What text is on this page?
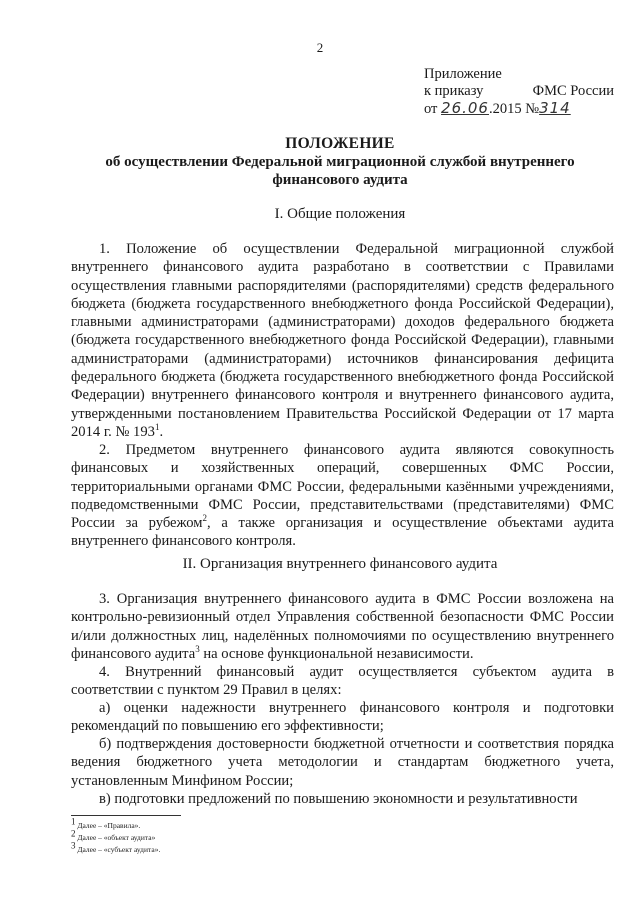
2
Приложение
к приказу	ФМС России
от 26.06.2015 №314
ПОЛОЖЕНИЕ
об осуществлении Федеральной миграционной службой внутреннего финансового аудита
I. Общие положения
1. Положение об осуществлении Федеральной миграционной службой внутреннего финансового аудита разработано в соответствии с Правилами осуществления главными распорядителями (распорядителями) средств федерального бюджета (бюджета государственного внебюджетного фонда Российской Федерации), главными администраторами (администраторами) доходов федерального бюджета (бюджета государственного внебюджетного фонда Российской Федерации), главными администраторами (администраторами) источников финансирования дефицита федерального бюджета (бюджета государственного внебюджетного фонда Российской Федерации) внутреннего финансового контроля и внутреннего финансового аудита, утвержденными постановлением Правительства Российской Федерации от 17 марта 2014 г. № $193^1$.
2. Предметом внутреннего финансового аудита являются совокупность финансовых и хозяйственных операций, совершенных ФМС России, территориальными органами ФМС России, федеральными казёнными учреждениями, подведомственными ФМС России, представительствами (представителями) ФМС России за рубежом$^2$, а также организация и осуществление объектами аудита внутреннего финансового контроля.
II. Организация внутреннего финансового аудита
3. Организация внутреннего финансового аудита в ФМС России возложена на контрольно-ревизионный отдел Управления собственной безопасности ФМС России и/или должностных лиц, наделённых полномочиями по осуществлению внутреннего финансового аудита$^3$ на основе функциональной независимости.
4. Внутренний финансовый аудит осуществляется субъектом аудита в соответствии с пунктом 29 Правил в целях:
а) оценки надежности внутреннего финансового контроля и подготовки рекомендаций по повышению его эффективности;
б) подтверждения достоверности бюджетной отчетности и соответствия порядка ведения бюджетного учета методологии и стандартам бюджетного учета, установленным Минфином России;
в) подготовки предложений по повышению экономности и результативности
$^1$ Далее – «Правила».
$^2$ Далее – «объект аудита»
$^3$ Далее – «субъект аудита».
